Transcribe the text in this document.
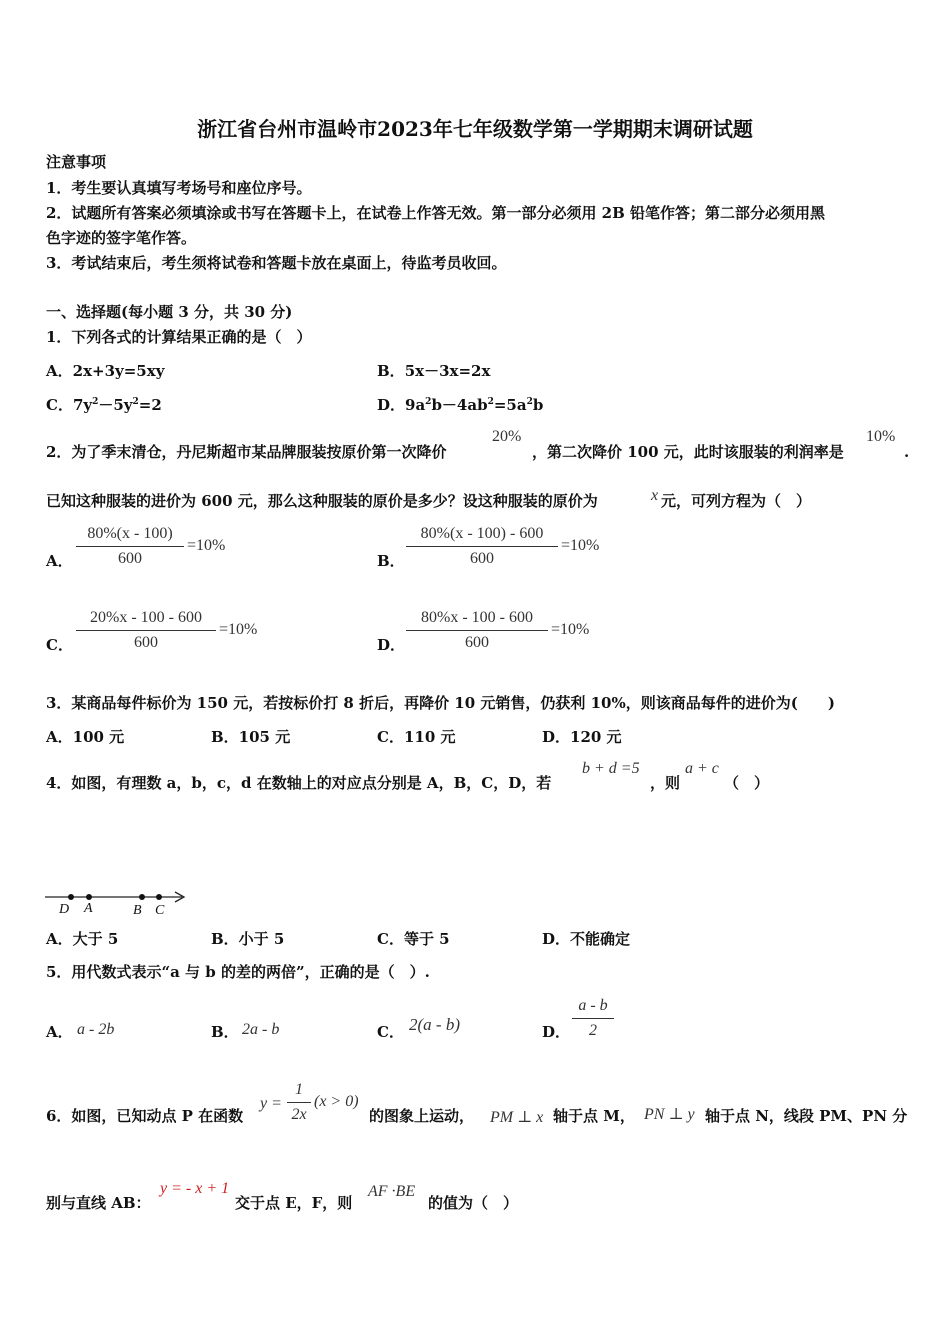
浙江省台州市温岭市2023年七年级数学第一学期期末调研试题
注意事项
1．考生要认真填写考场号和座位序号。
2．试题所有答案必须填涂或书写在答题卡上，在试卷上作答无效。第一部分必须用 2B 铅笔作答；第二部分必须用黑
色字迹的签字笔作答。
3．考试结束后，考生须将试卷和答题卡放在桌面上，待监考员收回。
一、选择题(每小题 3 分，共 30 分)
1．下列各式的计算结果正确的是（　）
A．2x+3y=5xy	B．5x－3x=2x
C．$7y^2-5y^2=2$	D．$9a^2b-4ab^2=5a^2b$
2．为了季末清仓，丹尼斯超市某品牌服装按原价第一次降价
20%
，第二次降价 100 元，此时该服装的利润率是
10%
.
已知这种服装的进价为 600 元，那么这种服装的原价是多少？设这种服装的原价为	x 元，可列方程为（　）
A．
80%(x - 100)
600
=10%
B．
80%(x - 100) - 600
600
=10%
C．
20%x - 100 - 600
600
=10%
D．
80%x - 100 - 600
600
=10%
3．某商品每件标价为 150 元，若按标价打 8 折后，再降价 10 元销售，仍获利 10%，则该商品每件的进价为(　　)
A．100 元	B．105 元	C．110 元	D．120 元
4．如图，有理数 a，b，c，d 在数轴上的对应点分别是 A，B，C，D，若
b + d =5
，则
a + c
（　）
D A	B C
A．大于 5	B．小于 5	C．等于 5	D．不能确定
5．用代数式表示“a 与 b 的差的两倍”，正确的是（　）.
A． a - 2b	B． 2a - b	C． 2(a - b)	D．
a - b
2
6．如图，已知动点 P 在函数
y =
1
2x
(x > 0)
的图象上运动， PM ⊥ x 轴于点 M， PN ⊥ y 轴于点 N，线段 PM、PN 分
别与直线 AB：
y = - x + 1
交于点 E，F，则
AF ·BE
的值为（　）
